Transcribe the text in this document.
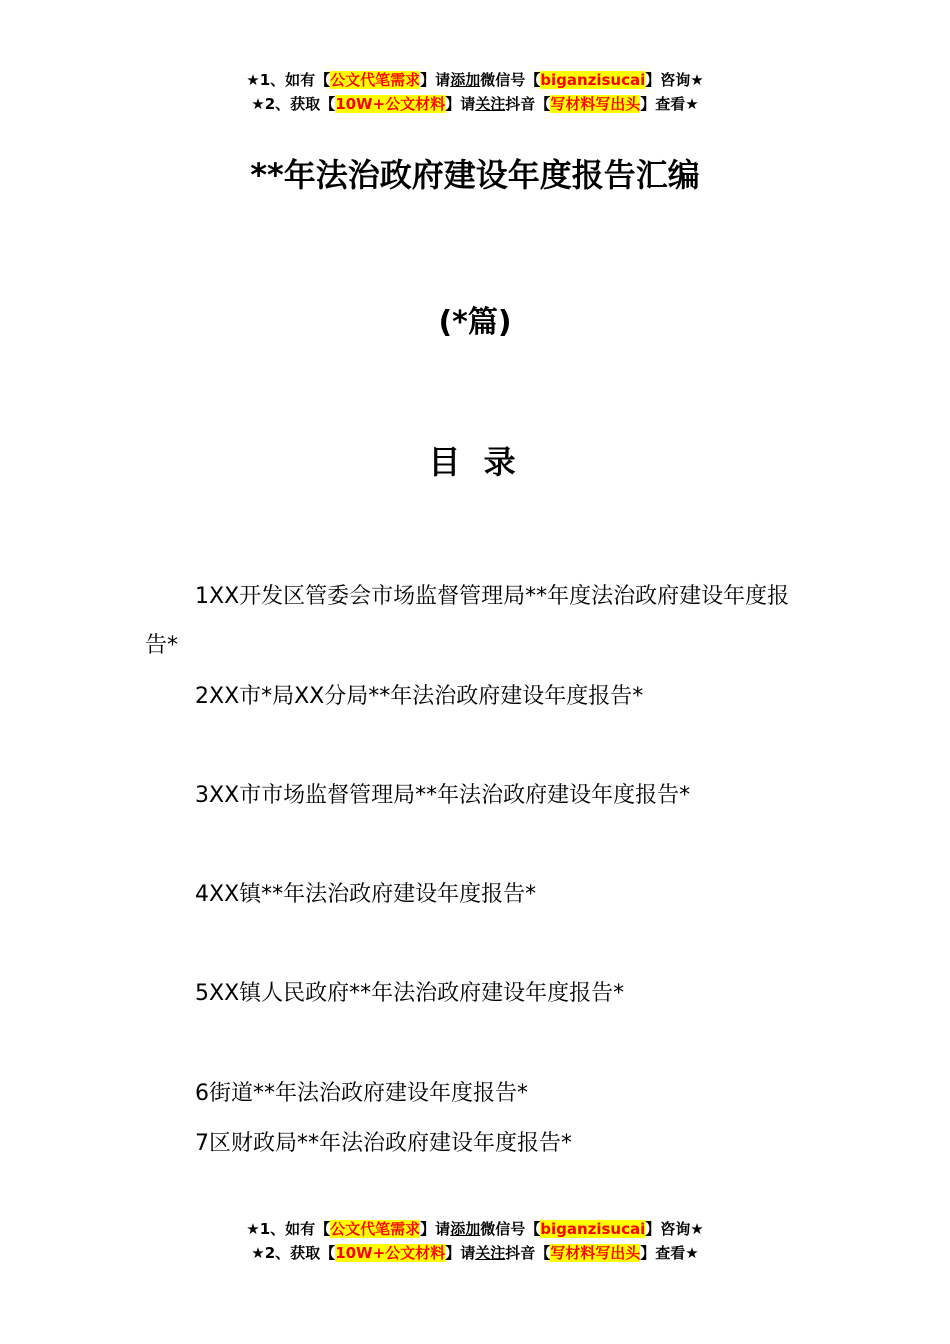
★1、如有【公文代笔需求】请添加微信号【biganzisucai】咨询★
★2、获取【10W+公文材料】请关注抖音【写材料写出头】查看★
**年法治政府建设年度报告汇编
(*篇)
目 录
1XX开发区管委会市场监督管理局**年度法治政府建设年度报告*
2XX市*局XX分局**年法治政府建设年度报告*
3XX市市场监督管理局**年法治政府建设年度报告*
4XX镇**年法治政府建设年度报告*
5XX镇人民政府**年法治政府建设年度报告*
6街道**年法治政府建设年度报告*
7区财政局**年法治政府建设年度报告*
★1、如有【公文代笔需求】请添加微信号【biganzisucai】咨询★
★2、获取【10W+公文材料】请关注抖音【写材料写出头】查看★
